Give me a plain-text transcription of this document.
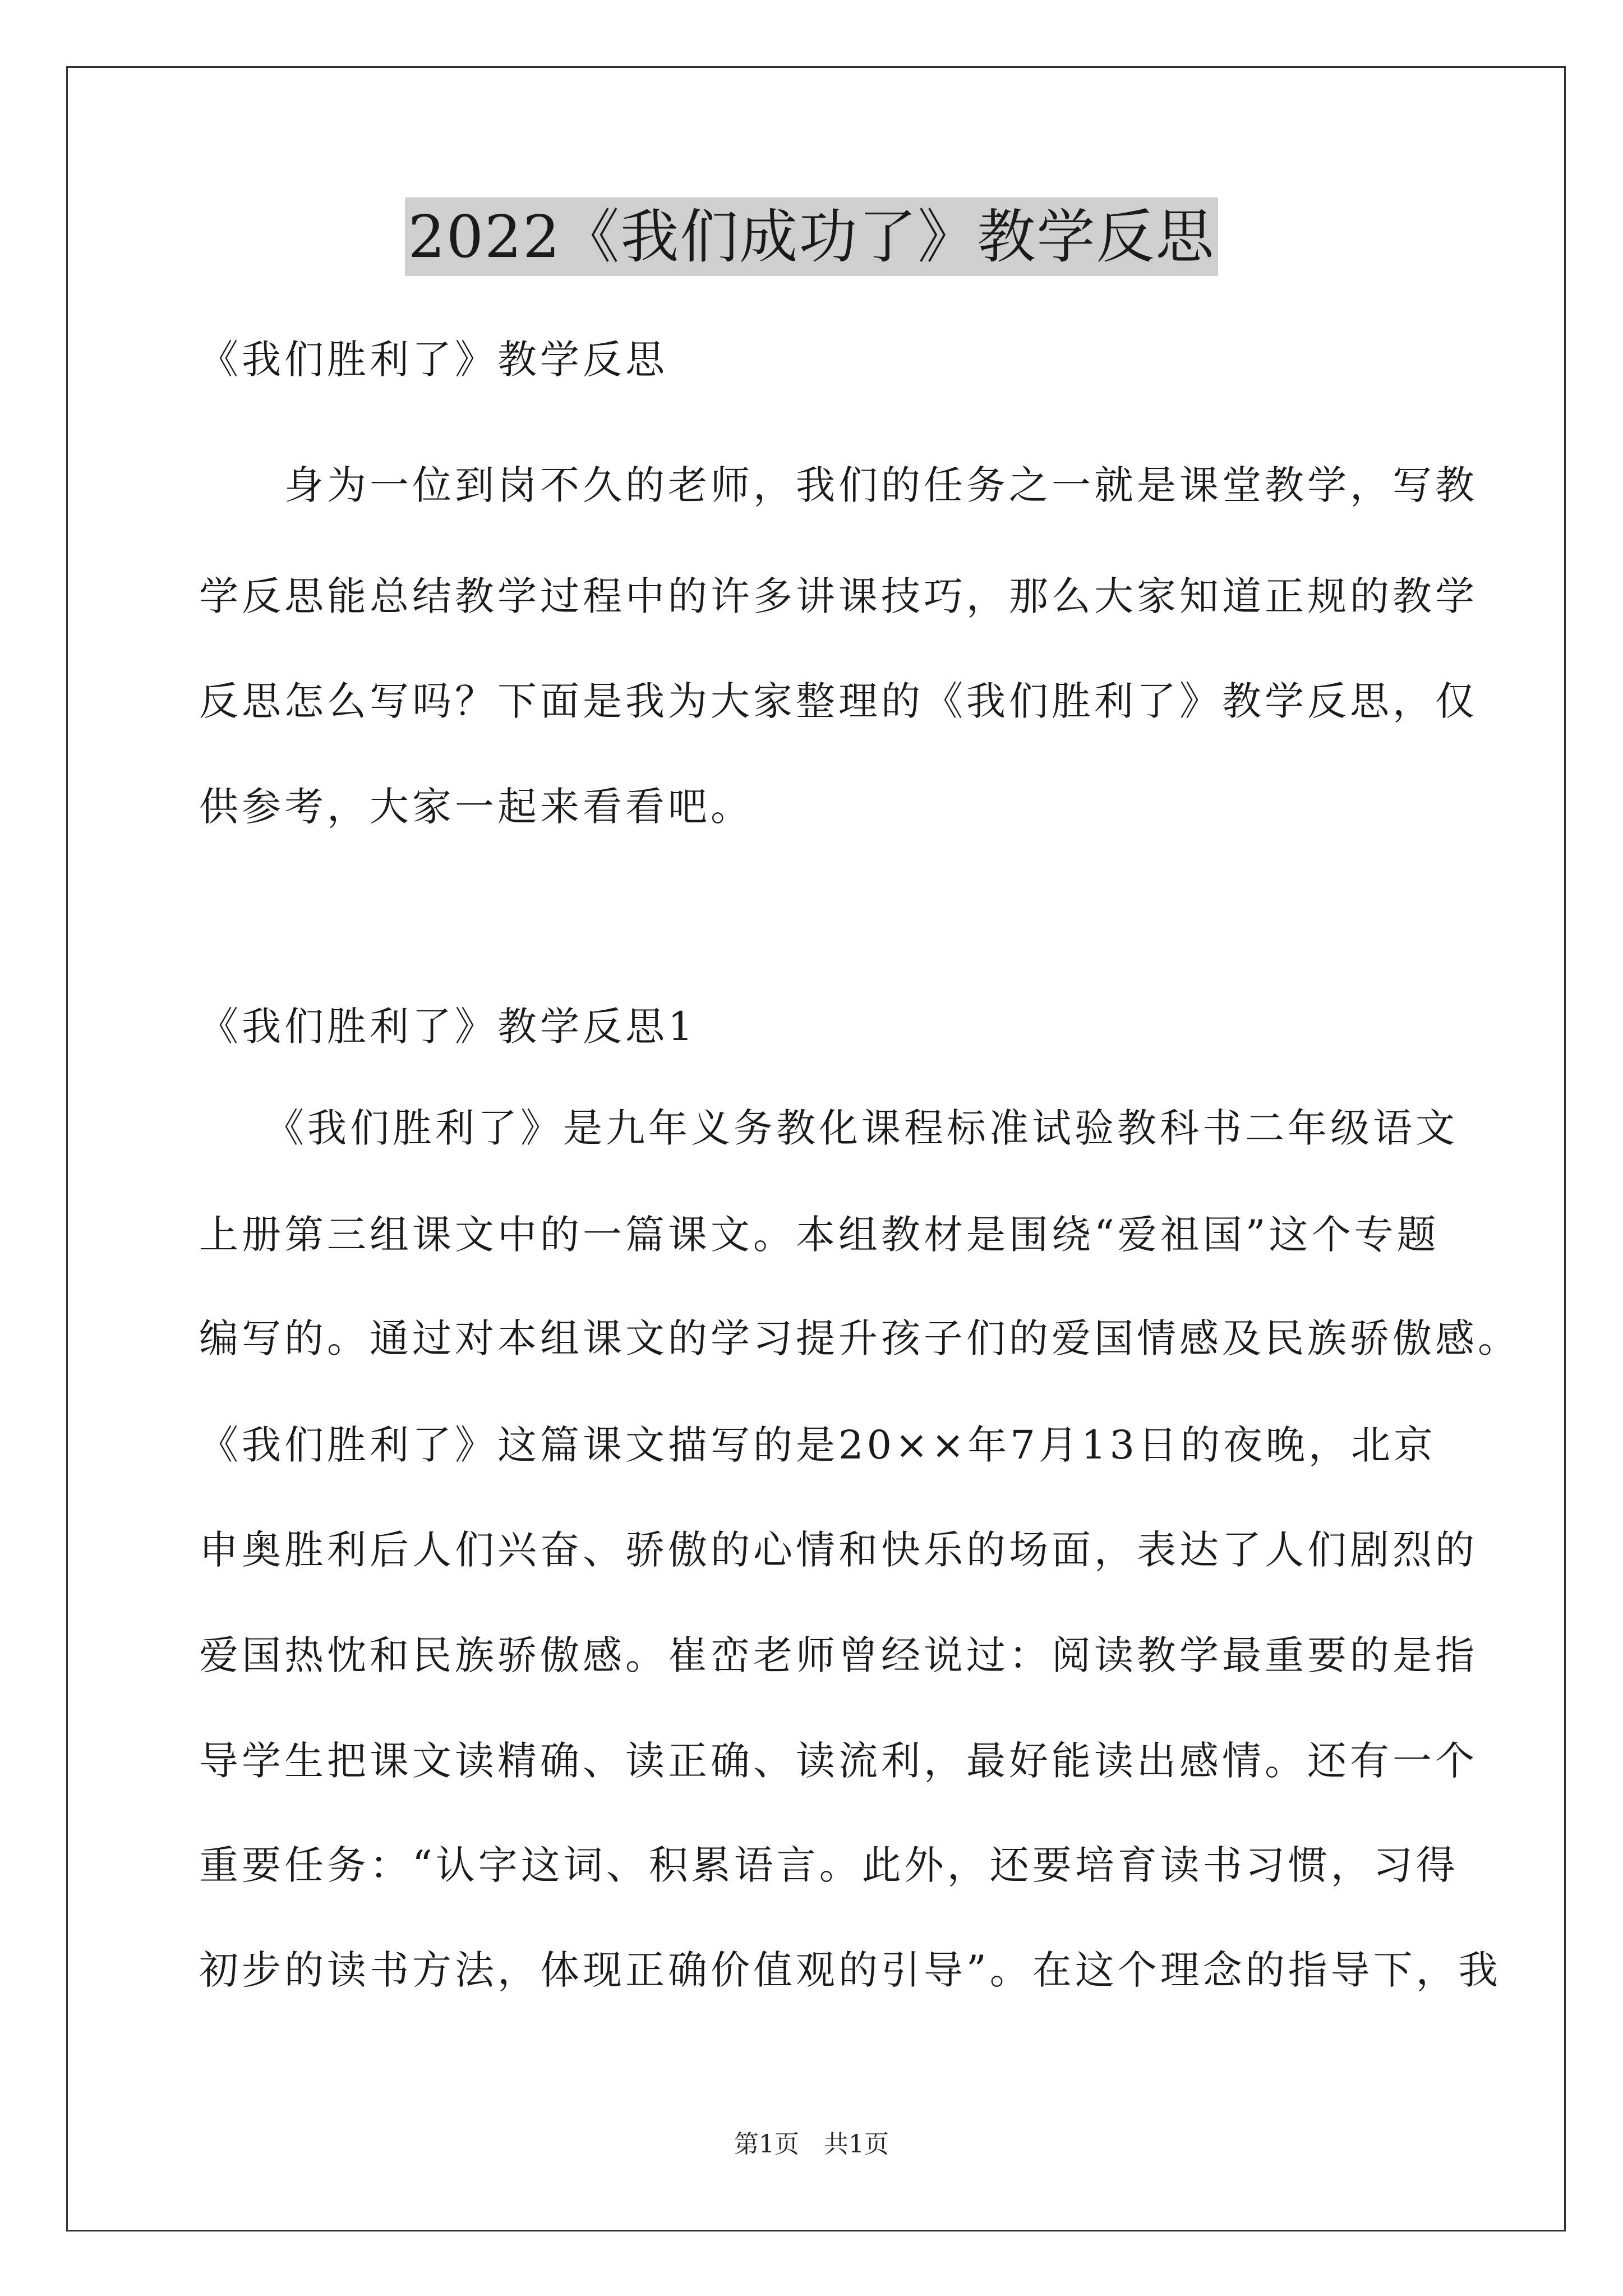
2022《我们成功了》教学反思
《我们胜利了》教学反思
　　身为一位到岗不久的老师，我们的任务之一就是课堂教学，写教
学反思能总结教学过程中的许多讲课技巧，那么大家知道正规的教学
反思怎么写吗？下面是我为大家整理的《我们胜利了》教学反思，仅
供参考，大家一起来看看吧。
《我们胜利了》教学反思1
　　《我们胜利了》是九年义务教化课程标准试验教科书二年级语文
上册第三组课文中的一篇课文。本组教材是围绕“爱祖国”这个专题
编写的。通过对本组课文的学习提升孩子们的爱国情感及民族骄傲感。
《我们胜利了》这篇课文描写的是20××年7月13日的夜晚，北京
申奥胜利后人们兴奋、骄傲的心情和快乐的场面，表达了人们剧烈的
爱国热忱和民族骄傲感。崔峦老师曾经说过：阅读教学最重要的是指
导学生把课文读精确、读正确、读流利，最好能读出感情。还有一个
重要任务：“认字这词、积累语言。此外，还要培育读书习惯，习得
初步的读书方法，体现正确价值观的引导”。在这个理念的指导下，我
第1页　共1页
